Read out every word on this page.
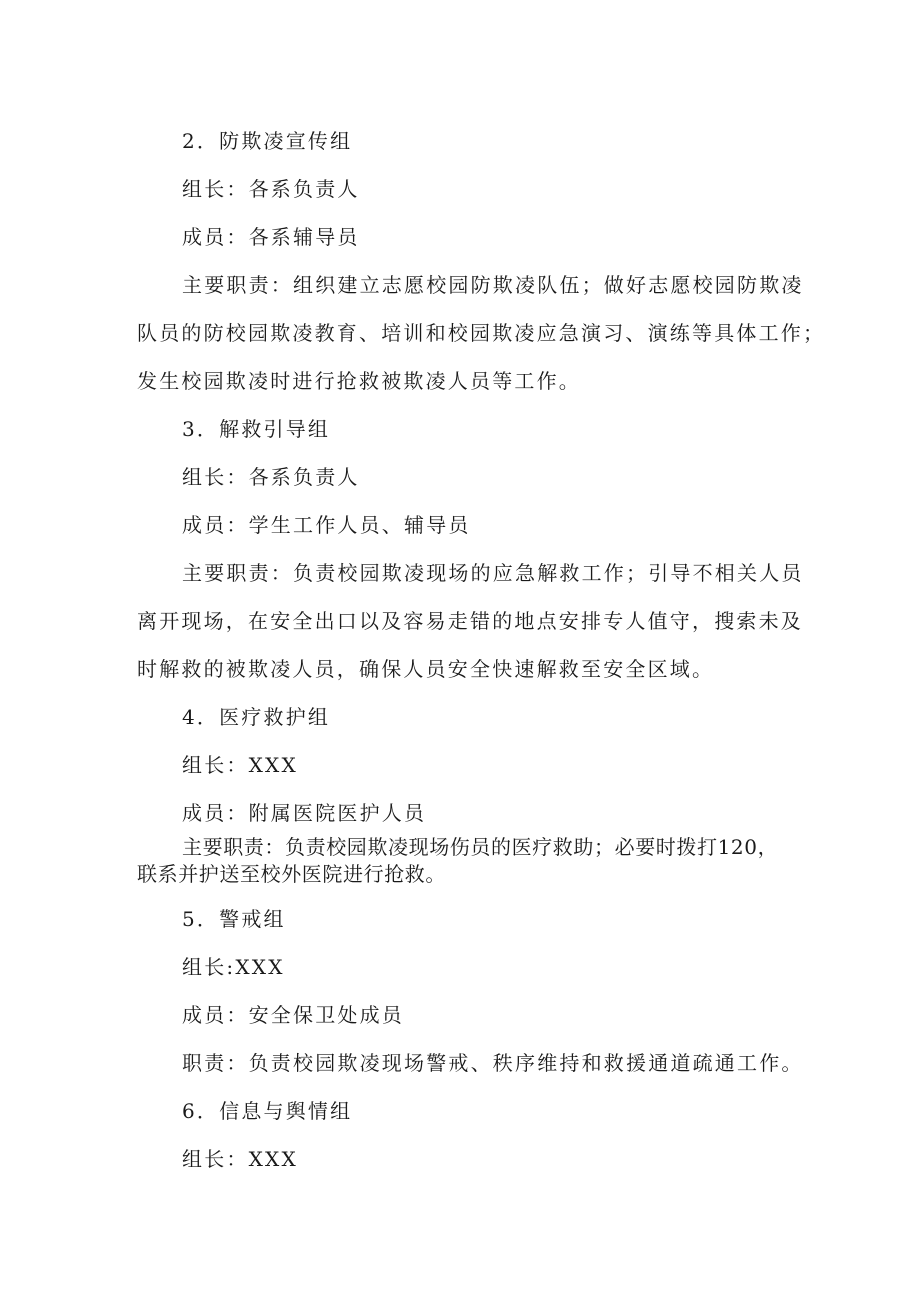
2．防欺凌宣传组
组长：各系负责人
成员：各系辅导员
主要职责：组织建立志愿校园防欺凌队伍；做好志愿校园防欺凌
队员的防校园欺凌教育、培训和校园欺凌应急演习、演练等具体工作；
发生校园欺凌时进行抢救被欺凌人员等工作。
3．解救引导组
组长：各系负责人
成员：学生工作人员、辅导员
主要职责：负责校园欺凌现场的应急解救工作；引导不相关人员
离开现场，在安全出口以及容易走错的地点安排专人值守，搜索未及
时解救的被欺凌人员，确保人员安全快速解救至安全区域。
4．医疗救护组
组长：XXX
成员：附属医院医护人员
主要职责：负责校园欺凌现场伤员的医疗救助；必要时拨打120，
联系并护送至校外医院进行抢救。
5．警戒组
组长:XXX
成员：安全保卫处成员
职责：负责校园欺凌现场警戒、秩序维持和救援通道疏通工作。
6．信息与舆情组
组长：XXX
